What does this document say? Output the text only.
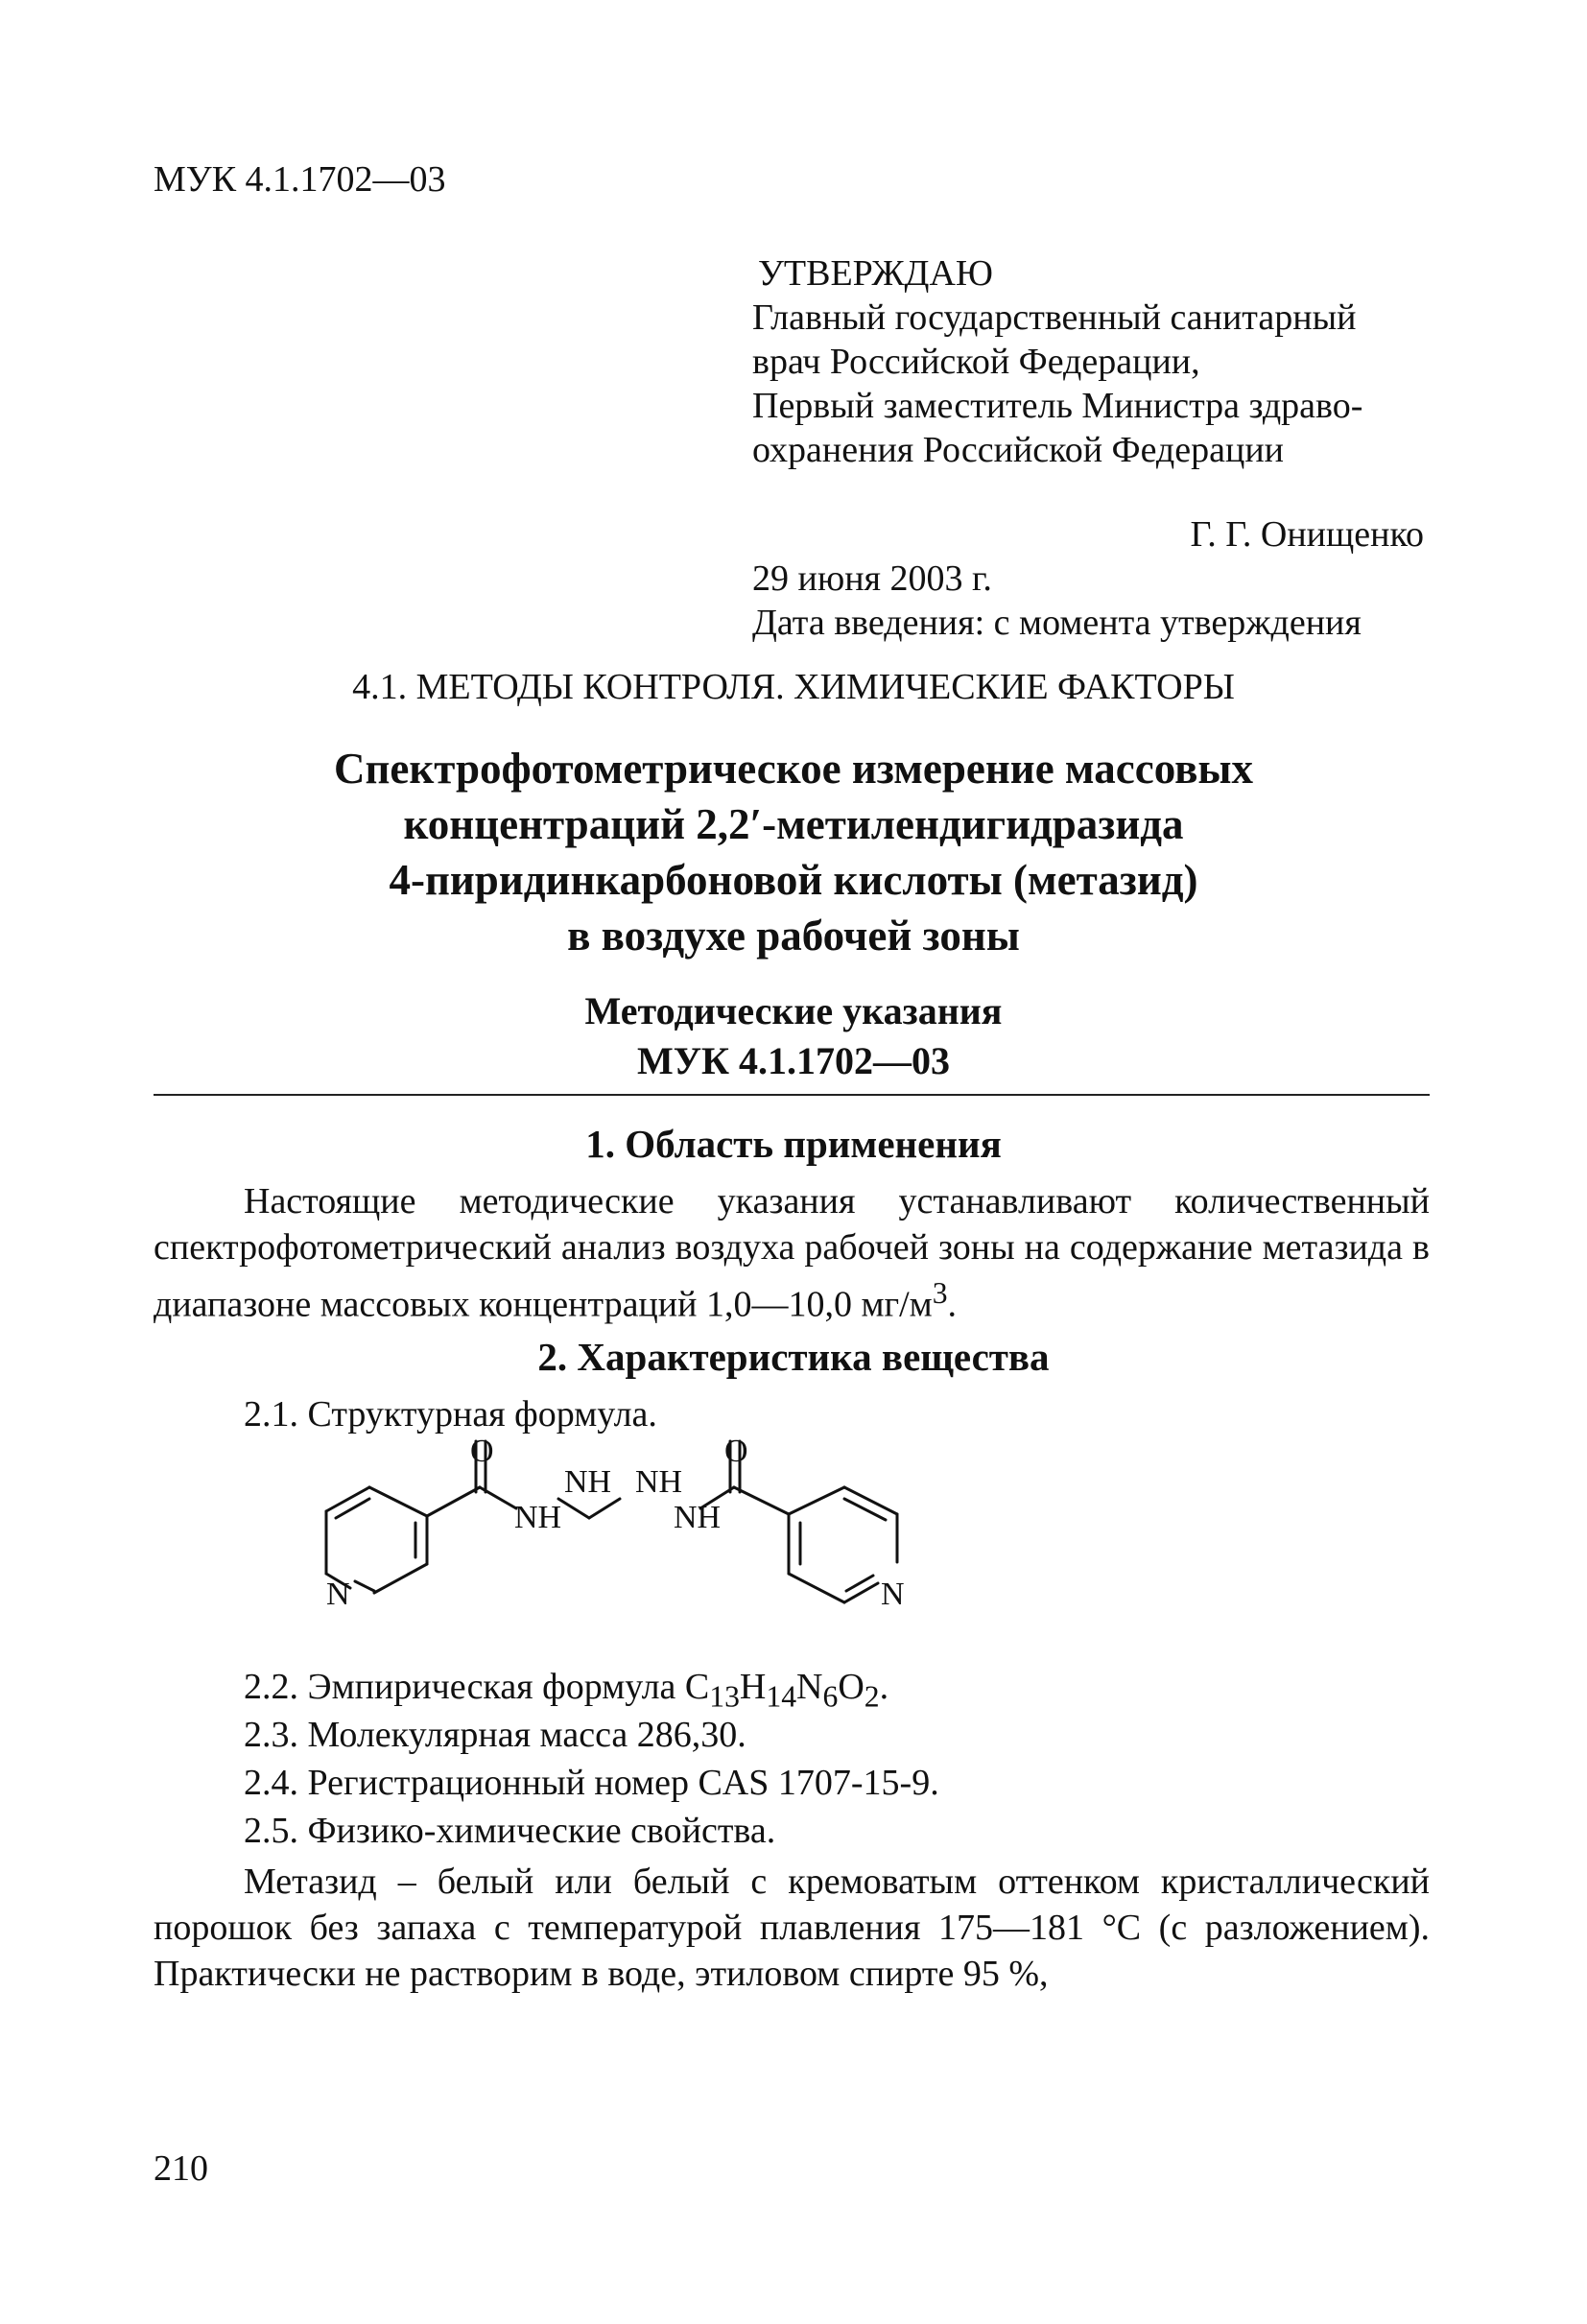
МУК 4.1.1702—03
УТВЕРЖДАЮ
Главный государственный санитарный
врач Российской Федерации,
Первый заместитель Министра здраво-
охранения Российской Федерации
Г. Г. Онищенко
29 июня 2003 г.
Дата введения: с момента утверждения
4.1. МЕТОДЫ КОНТРОЛЯ. ХИМИЧЕСКИЕ ФАКТОРЫ
Спектрофотометрическое измерение массовых
концентраций 2,2′-метилендигидразида
4-пиридинкарбоновой кислоты (метазид)
в воздухе рабочей зоны
Методические указания
МУК 4.1.1702—03
1. Область применения
Настоящие методические указания устанавливают количественный спектрофотометрический анализ воздуха рабочей зоны на содержание метазида в диапазоне массовых концентраций 1,0—10,0 $мг/м^3$.
2. Характеристика вещества
2.1. Структурная формула.
O	O
NH NH
NH	NH
N	N
2.2. Эмпирическая формула $C_{13}H_{14}N_6O_2$.
2.3. Молекулярная масса 286,30.
2.4. Регистрационный номер CAS 1707-15-9.
2.5. Физико-химические свойства.
Метазид – белый или белый с кремоватым оттенком кристаллический порошок без запаха с температурой плавления 175—181 °С (с разложением). Практически не растворим в воде, этиловом спирте 95 %,
210
